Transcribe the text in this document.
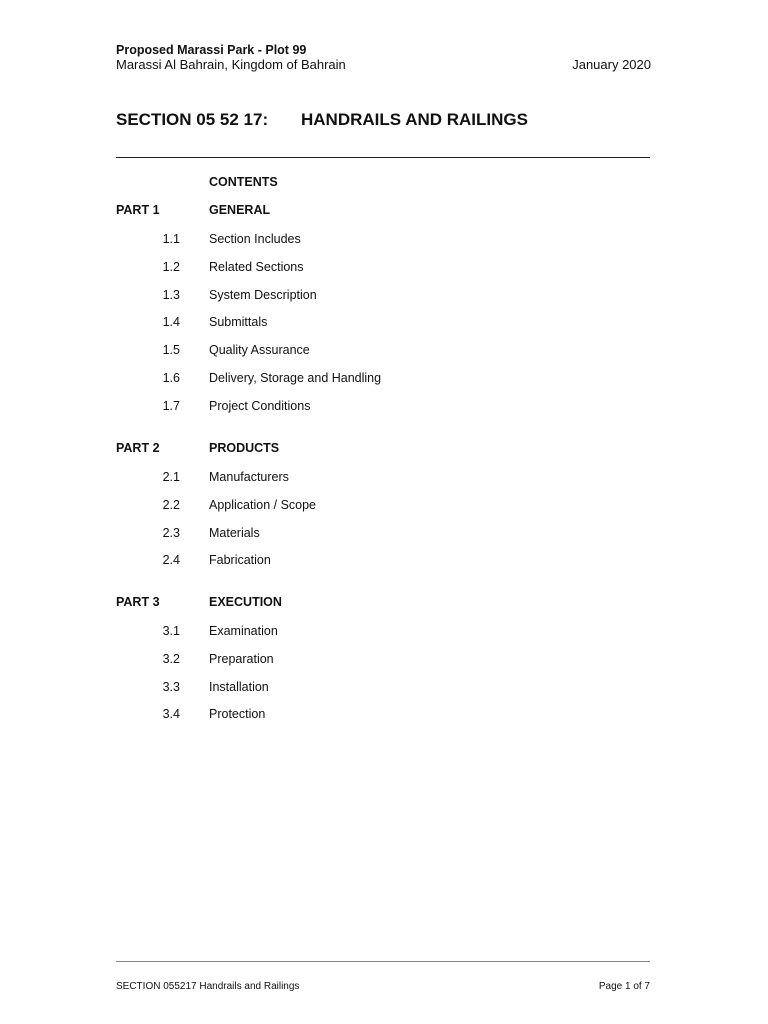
Proposed Marassi Park - Plot 99
Marassi Al Bahrain, Kingdom of Bahrain	January 2020
SECTION 05 52 17: HANDRAILS AND RAILINGS
CONTENTS
PART 1	GENERAL
1.1 Section Includes
1.2 Related Sections
1.3 System Description
1.4 Submittals
1.5 Quality Assurance
1.6 Delivery, Storage and Handling
1.7 Project Conditions
PART 2	PRODUCTS
2.1 Manufacturers
2.2 Application / Scope
2.3 Materials
2.4 Fabrication
PART 3	EXECUTION
3.1 Examination
3.2 Preparation
3.3 Installation
3.4 Protection
SECTION 055217 Handrails and Railings	Page 1 of 7
